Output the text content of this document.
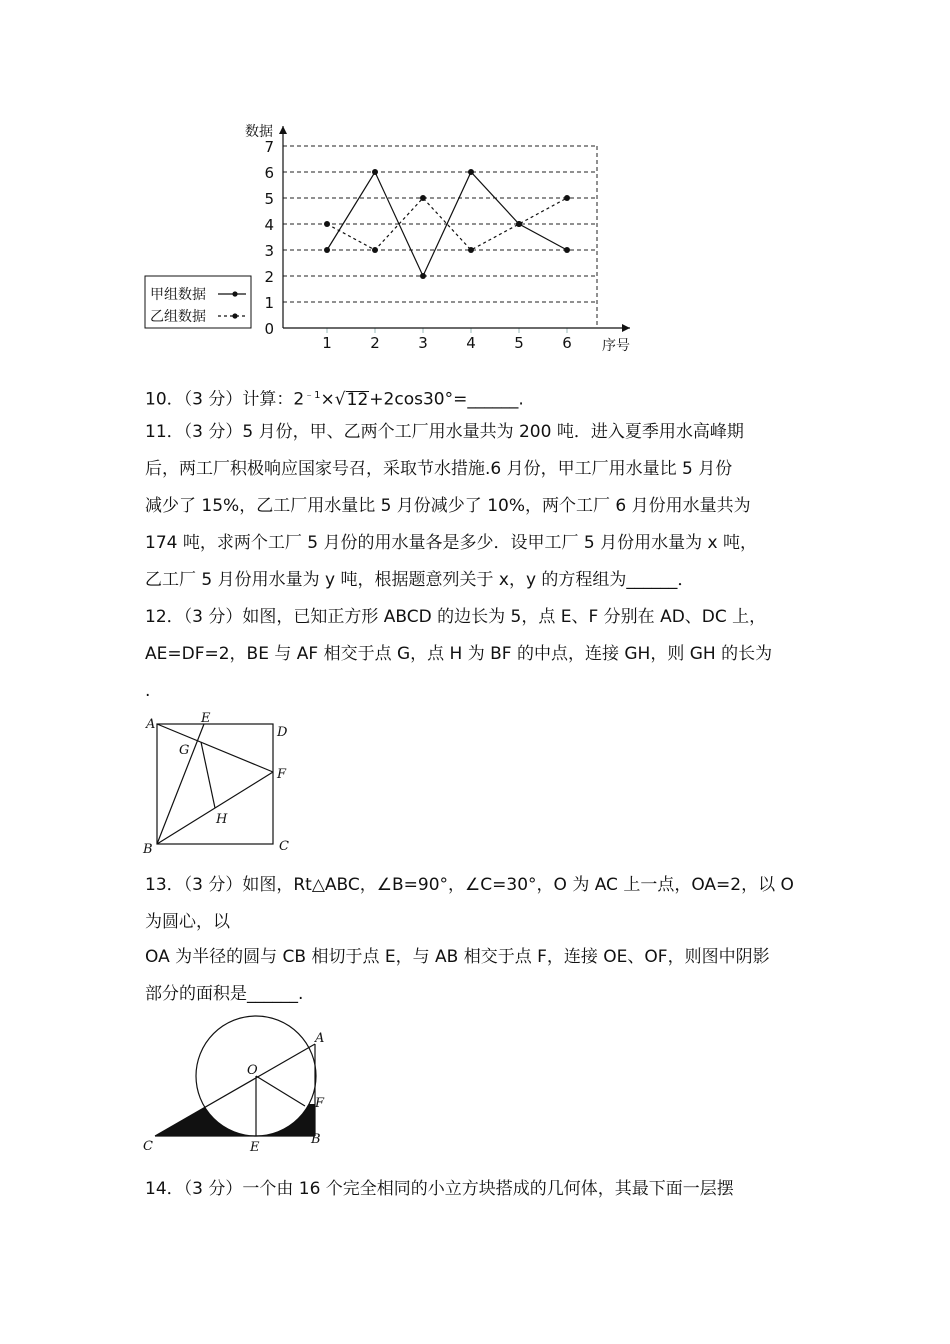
0
1
2
3
4
5
6
7
1	2	3	4	5	6
数据
序号
甲组数据
乙组数据
10．（3 分）计算：$2^{﹣1}\times√12+2\cos 30^\circ=\_\_\_\_\_\_$.
11．（3 分）5 月份，甲、乙两个工厂用水量共为 200 吨．进入夏季用水高峰期
后，两工厂积极响应国家号召，采取节水措施.6 月份，甲工厂用水量比 5 月份
减少了 15%，乙工厂用水量比 5 月份减少了 10%，两个工厂 6 月份用水量共为
174 吨，求两个工厂 5 月份的用水量各是多少．设甲工厂 5 月份用水量为 x 吨，
乙工厂 5 月份用水量为 y 吨，根据题意列关于 x，y 的方程组为______．
12．（3 分）如图，已知正方形 ABCD 的边长为 5，点 E、F 分别在 AD、DC 上，
AE=DF=2，BE 与 AF 相交于点 G，点 H 为 BF 的中点，连接 GH，则 GH 的长为
.
A	E
D
G
F
H
B	C
13．（3 分）如图，Rt△ABC，∠B=90°，∠C=30°，O 为 AC 上一点，OA=2，以 O
为圆心，以
OA 为半径的圆与 CB 相切于点 E，与 AB 相交于点 F，连接 OE、OF，则图中阴影
部分的面积是______.
A
O
F
C	E
B
14．（3 分）一个由 16 个完全相同的小立方块搭成的几何体，其最下面一层摆
